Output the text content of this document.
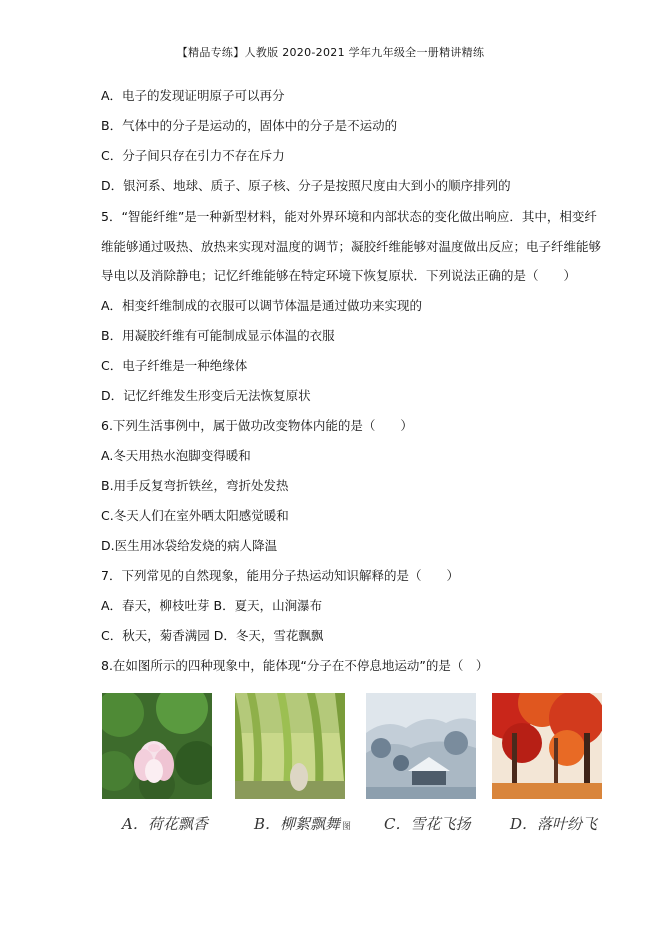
【精品专练】人教版 2020-2021 学年九年级全一册精讲精练
A．电子的发现证明原子可以再分
B．气体中的分子是运动的，固体中的分子是不运动的
C．分子间只存在引力不存在斥力
D．银河系、地球、质子、原子核、分子是按照尺度由大到小的顺序排列的
5．“智能纤维”是一种新型材料，能对外界环境和内部状态的变化做出响应．其中，相变纤
维能够通过吸热、放热来实现对温度的调节；凝胶纤维能够对温度做出反应；电子纤维能够
导电以及消除静电；记忆纤维能够在特定环境下恢复原状．下列说法正确的是（　　）
A．相变纤维制成的衣服可以调节体温是通过做功来实现的
B．用凝胶纤维有可能制成显示体温的衣服
C．电子纤维是一种绝缘体
D．记忆纤维发生形变后无法恢复原状
6.下列生活事例中，属于做功改变物体内能的是（　　）
A.冬天用热水泡脚变得暖和
B.用手反复弯折铁丝，弯折处发热
C.冬天人们在室外晒太阳感觉暖和
D.医生用冰袋给发烧的病人降温
7．下列常见的自然现象，能用分子热运动知识解释的是（　　）
A．春天，柳枝吐芽 B．夏天，山涧瀑布
C．秋天，菊香满园 D．冬天，雪花飘飘
8.在如图所示的四种现象中，能体现“分子在不停息地运动”的是（　）
A．荷花飘香	B．柳絮飘舞 图 C．雪花飞扬	D．落叶纷飞
